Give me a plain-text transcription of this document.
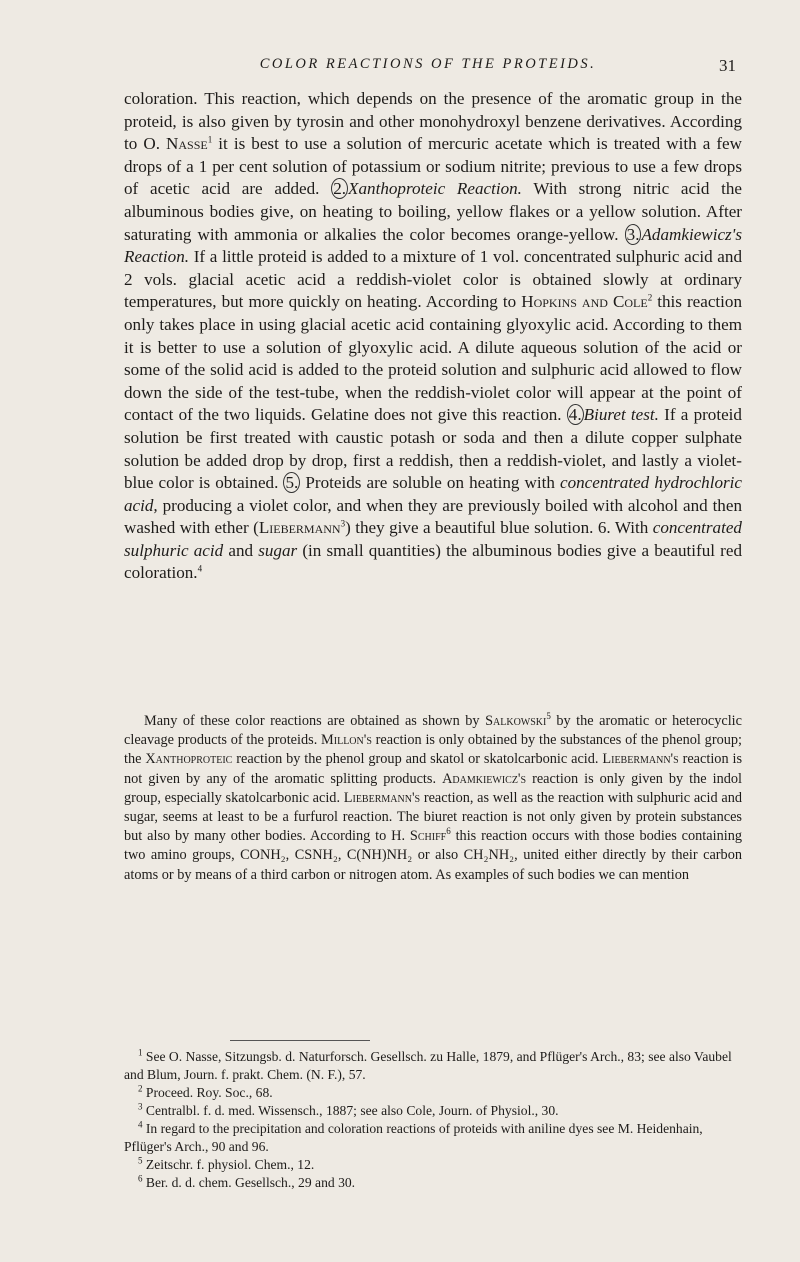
COLOR REACTIONS OF THE PROTEIDS.	31

coloration. This reaction, which depends on the presence of the aromatic group in the proteid, is also given by tyrosin and other monohydroxyl benzene derivatives. According to O. Nasse$^1$ it is best to use a solution of mercuric acetate which is treated with a few drops of a 1 per cent solution of potassium or sodium nitrite; previous to use a few drops of acetic acid are added. 2. Xanthoproteic Reaction. With strong nitric acid the albuminous bodies give, on heating to boiling, yellow flakes or a yellow solution. After saturating with ammonia or alkalies the color becomes orange-yellow. 3. Adamkiewicz's Reaction. If a little proteid is added to a mixture of 1 vol. concentrated sulphuric acid and 2 vols. glacial acetic acid a reddish-violet color is obtained slowly at ordinary temperatures, but more quickly on heating. According to Hopkins and Cole$^2$ this reaction only takes place in using glacial acetic acid containing glyoxylic acid. According to them it is better to use a solution of glyoxylic acid. A dilute aqueous solution of the acid or some of the solid acid is added to the proteid solution and sulphuric acid allowed to flow down the side of the test-tube, when the reddish-violet color will appear at the point of contact of the two liquids. Gelatine does not give this reaction. 4. Biuret test. If a proteid solution be first treated with caustic potash or soda and then a dilute copper sulphate solution be added drop by drop, first a reddish, then a reddish-violet, and lastly a violet-blue color is obtained. 5. Proteids are soluble on heating with concentrated hydrochloric acid, producing a violet color, and when they are previously boiled with alcohol and then washed with ether (Liebermann$^3$) they give a beautiful blue solution. 6. With concentrated sulphuric acid and sugar (in small quantities) the albuminous bodies give a beautiful red coloration.$^4$

Many of these color reactions are obtained as shown by Salkowski$^5$ by the aromatic or heterocyclic cleavage products of the proteids. Millon's reaction is only obtained by the substances of the phenol group; the Xanthoproteic reaction by the phenol group and skatol or skatolcarbonic acid. Liebermann's reaction is not given by any of the aromatic splitting products. Adamkiewicz's reaction is only given by the indol group, especially skatolcarbonic acid. Liebermann's reaction, as well as the reaction with sulphuric acid and sugar, seems at least to be a furfurol reaction. The biuret reaction is not only given by protein substances but also by many other bodies. According to H. Schiff$^6$ this reaction occurs with those bodies containing two amino groups, CONH₂, CSNH₂, C(NH)NH₂ or also CH₂NH₂, united either directly by their carbon atoms or by means of a third carbon or nitrogen atom. As examples of such bodies we can mention

$^1$ See O. Nasse, Sitzungsb. d. Naturforsch. Gesellsch. zu Halle, 1879, and Pflüger's Arch., 83; see also Vaubel and Blum, Journ. f. prakt. Chem. (N. F.), 57.

$^2$ Proceed. Roy. Soc., 68.

$^3$ Centralbl. f. d. med. Wissensch., 1887; see also Cole, Journ. of Physiol., 30.

$^4$ In regard to the precipitation and coloration reactions of proteids with aniline dyes see M. Heidenhain, Pflüger's Arch., 90 and 96.

$^5$ Zeitschr. f. physiol. Chem., 12.

$^6$ Ber. d. d. chem. Gesellsch., 29 and 30.
